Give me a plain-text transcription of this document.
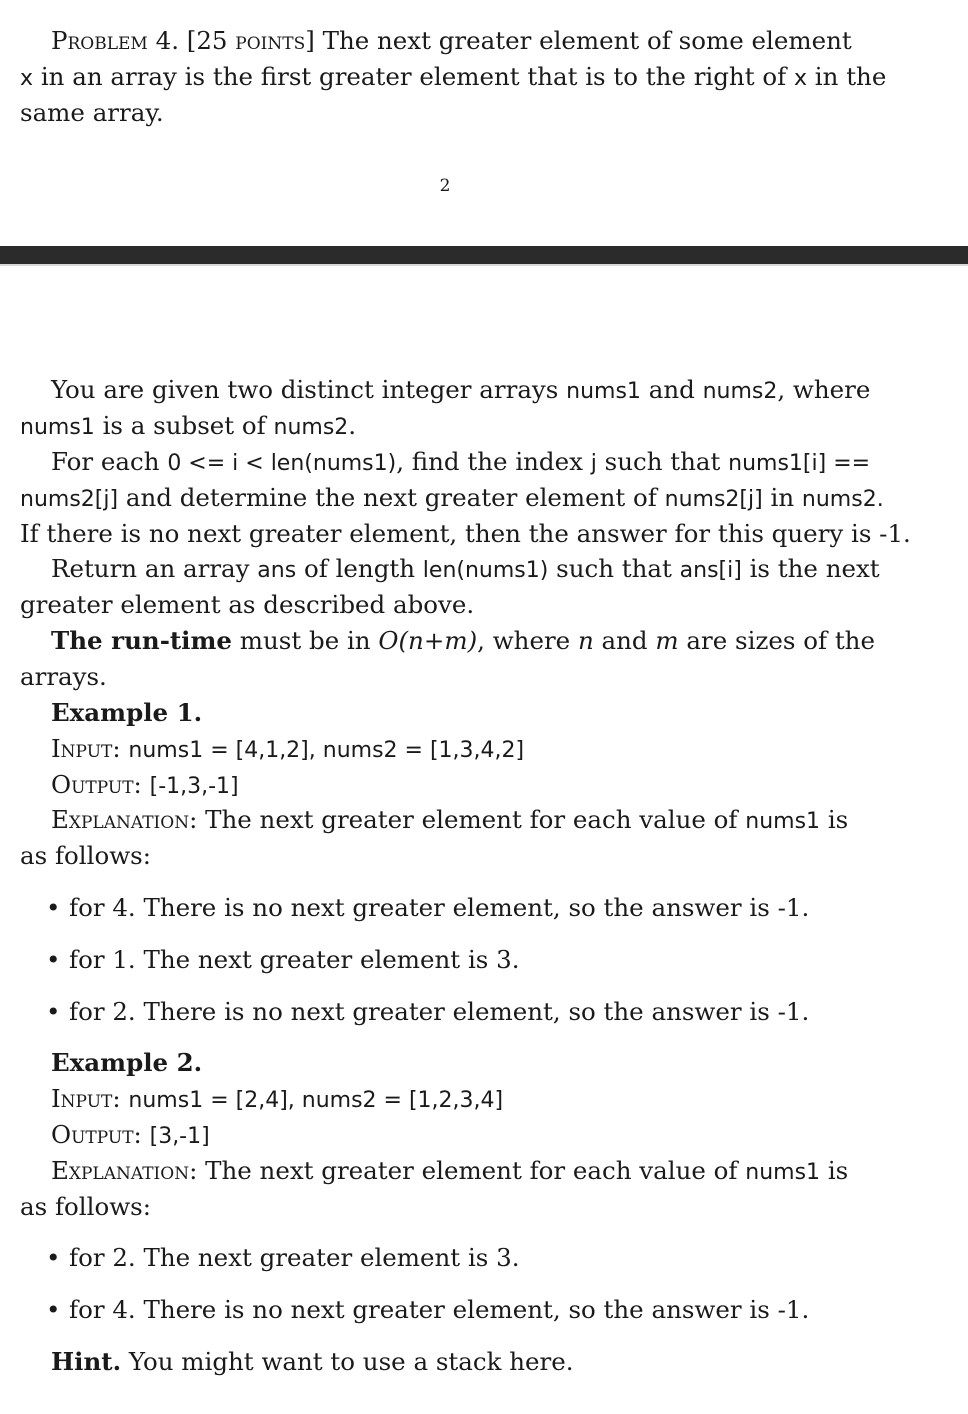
Problem 4. [25 points] The next greater element of some element
x in an array is the first greater element that is to the right of x in the
same array.
2
You are given two distinct integer arrays nums1 and nums2, where
nums1 is a subset of nums2.
For each 0 <= i < len(nums1), find the index j such that nums1[i] ==
nums2[j] and determine the next greater element of nums2[j] in nums2.
If there is no next greater element, then the answer for this query is -1.
Return an array ans of length len(nums1) such that ans[i] is the next
greater element as described above.
The run-time must be in O(n+m), where n and m are sizes of the
arrays.
Example 1.
Input: nums1 = [4,1,2], nums2 = [1,3,4,2]
Output: [-1,3,-1]
Explanation: The next greater element for each value of nums1 is
as follows:
• for 4. There is no next greater element, so the answer is -1.
• for 1. The next greater element is 3.
• for 2. There is no next greater element, so the answer is -1.
Example 2.
Input: nums1 = [2,4], nums2 = [1,2,3,4]
Output: [3,-1]
Explanation: The next greater element for each value of nums1 is
as follows:
• for 2. The next greater element is 3.
• for 4. There is no next greater element, so the answer is -1.
Hint. You might want to use a stack here.
